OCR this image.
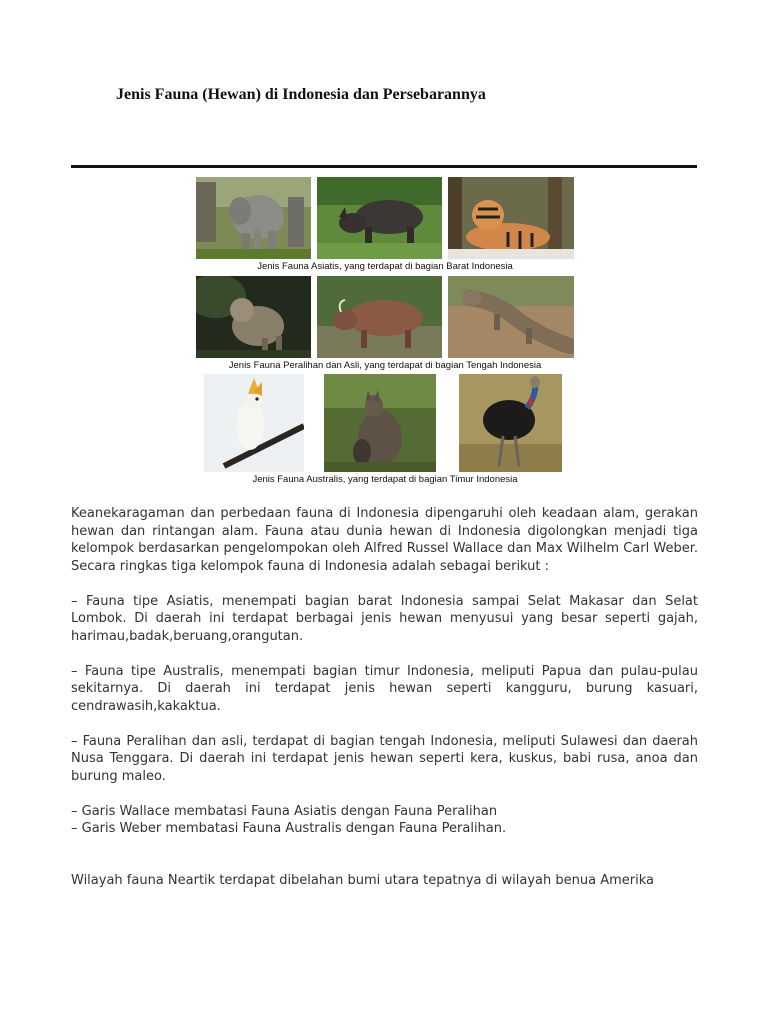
Jenis Fauna (Hewan) di Indonesia dan Persebarannya
Jenis Fauna Asiatis, yang terdapat di bagian Barat Indonesia
Jenis Fauna Peralihan dan Asli, yang terdapat di bagian Tengah Indonesia
Jenis Fauna Australis, yang terdapat di bagian Timur Indonesia

Keanekaragaman dan perbedaan fauna di Indonesia dipengaruhi oleh keadaan alam, gerakan hewan dan rintangan alam. Fauna atau dunia hewan di Indonesia digolongkan menjadi tiga kelompok berdasarkan pengelompokan oleh Alfred Russel Wallace dan Max Wilhelm Carl Weber. Secara ringkas tiga kelompok fauna di Indonesia adalah sebagai berikut :

– Fauna tipe Asiatis, menempati bagian barat Indonesia sampai Selat Makasar dan Selat Lombok. Di daerah ini terdapat berbagai jenis hewan menyusui yang besar seperti gajah, harimau,badak,beruang,orangutan.

– Fauna tipe Australis, menempati bagian timur Indonesia, meliputi Papua dan pulau-pulau sekitarnya. Di daerah ini terdapat jenis hewan seperti kangguru, burung kasuari, cendrawasih,kakaktua.

– Fauna Peralihan dan asli, terdapat di bagian tengah Indonesia, meliputi Sulawesi dan daerah Nusa Tenggara. Di daerah ini terdapat jenis hewan seperti kera, kuskus, babi rusa, anoa dan burung maleo.

– Garis Wallace membatasi Fauna Asiatis dengan Fauna Peralihan

– Garis Weber membatasi Fauna Australis dengan Fauna Peralihan.

Wilayah fauna Neartik terdapat dibelahan bumi utara tepatnya di wilayah benua Amerika
